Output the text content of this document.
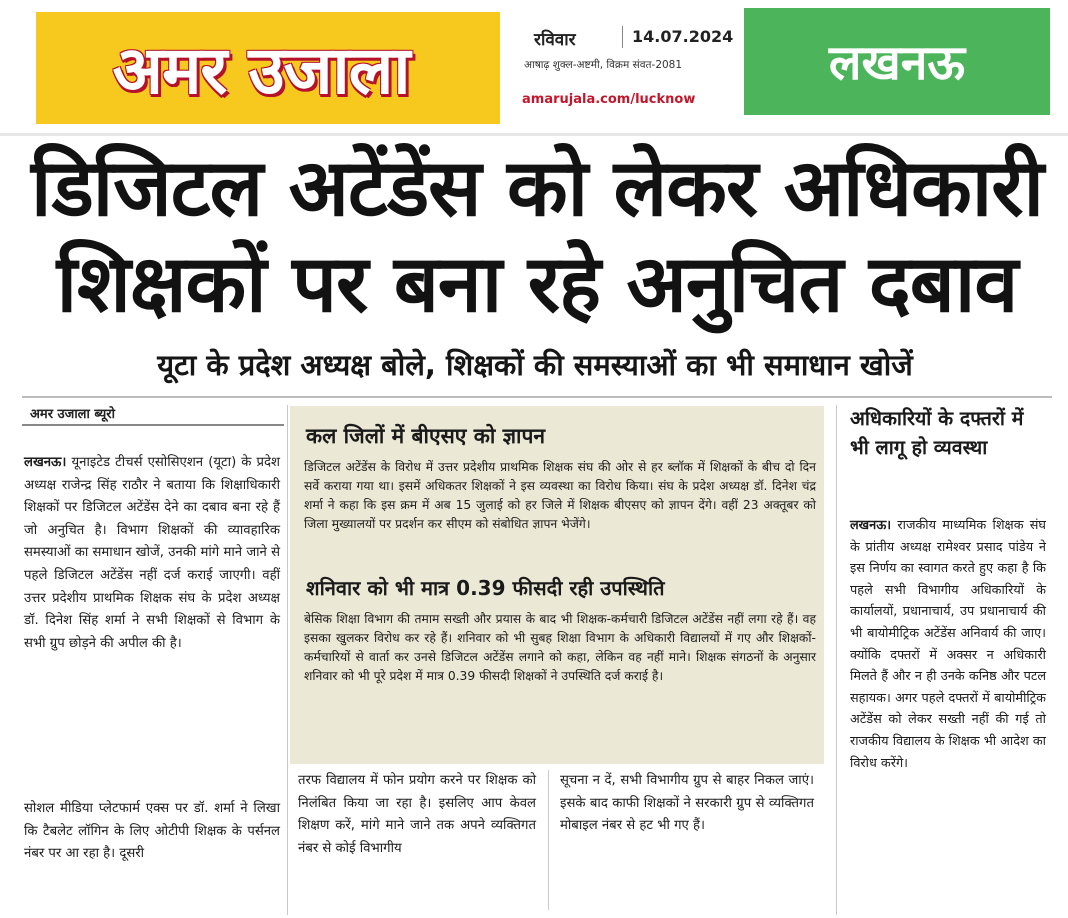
अमर उजाला	रविवार	14.07.2024
आषाढ़ शुक्ल-अष्टमी, विक्रम संवत-2081
amarujala.com/lucknow
लखनऊ
डिजिटल अटेंडेंस को लेकर अधिकारी
शिक्षकों पर बना रहे अनुचित दबाव
यूटा के प्रदेश अध्यक्ष बोले, शिक्षकों की समस्याओं का भी समाधान खोजें
अमर उजाला ब्यूरो

लखनऊ। यूनाइटेड टीचर्स एसोसिएशन (यूटा) के प्रदेश अध्यक्ष राजेन्द्र सिंह राठौर ने बताया कि शिक्षाधिकारी शिक्षकों पर डिजिटल अटेंडेंस देने का दबाव बना रहे हैं जो अनुचित है। विभाग शिक्षकों की व्यावहारिक समस्याओं का समाधान खोजें, उनकी मांगे माने जाने से पहले डिजिटल अटेंडेंस नहीं दर्ज कराई जाएगी। वहीं उत्तर प्रदेशीय प्राथमिक शिक्षक संघ के प्रदेश अध्यक्ष डॉ. दिनेश सिंह शर्मा ने सभी शिक्षकों से विभाग के सभी ग्रुप छोड़ने की अपील की है।

सोशल मीडिया प्लेटफार्म एक्स पर डॉ. शर्मा ने लिखा कि टैबलेट लॉगिन के लिए ओटीपी शिक्षक के पर्सनल नंबर पर आ रहा है। दूसरी
कल जिलों में बीएसए को ज्ञापन
डिजिटल अटेंडेंस के विरोध में उत्तर प्रदेशीय प्राथमिक शिक्षक संघ की ओर से हर ब्लॉक में शिक्षकों के बीच दो दिन सर्वे कराया गया था। इसमें अधिकतर शिक्षकों ने इस व्यवस्था का विरोध किया। संघ के प्रदेश अध्यक्ष डॉ. दिनेश चंद्र शर्मा ने कहा कि इस क्रम में अब 15 जुलाई को हर जिले में शिक्षक बीएसए को ज्ञापन देंगे। वहीं 23 अक्तूबर को जिला मुख्यालयों पर प्रदर्शन कर सीएम को संबोधित ज्ञापन भेजेंगे।
शनिवार को भी मात्र 0.39 फीसदी रही उपस्थिति
बेसिक शिक्षा विभाग की तमाम सख्ती और प्रयास के बाद भी शिक्षक-कर्मचारी डिजिटल अटेंडेंस नहीं लगा रहे हैं। वह इसका खुलकर विरोध कर रहे हैं। शनिवार को भी सुबह शिक्षा विभाग के अधिकारी विद्यालयों में गए और शिक्षकों-कर्मचारियों से वार्ता कर उनसे डिजिटल अटेंडेंस लगाने को कहा, लेकिन वह नहीं माने। शिक्षक संगठनों के अनुसार शनिवार को भी पूरे प्रदेश में मात्र 0.39 फीसदी शिक्षकों ने उपस्थिति दर्ज कराई है।
तरफ विद्यालय में फोन प्रयोग करने पर शिक्षक को निलंबित किया जा रहा है। इसलिए आप केवल शिक्षण करें, मांगे माने जाने तक अपने व्यक्तिगत नंबर से कोई विभागीय
सूचना न दें, सभी विभागीय ग्रुप से बाहर निकल जाएं। इसके बाद काफी शिक्षकों ने सरकारी ग्रुप से व्यक्तिगत मोबाइल नंबर से हट भी गए हैं।
अधिकारियों के दफ्तरों में भी लागू हो व्यवस्था
लखनऊ। राजकीय माध्यमिक शिक्षक संघ के प्रांतीय अध्यक्ष रामेश्वर प्रसाद पांडेय ने इस निर्णय का स्वागत करते हुए कहा है कि पहले सभी विभागीय अधिकारियों के कार्यालयों, प्रधानाचार्य, उप प्रधानाचार्य की भी बायोमीट्रिक अटेंडेंस अनिवार्य की जाए। क्योंकि दफ्तरों में अक्सर न अधिकारी मिलते हैं और न ही उनके कनिष्ठ और पटल सहायक। अगर पहले दफ्तरों में बायोमीट्रिक अटेंडेंस को लेकर सख्ती नहीं की गई तो राजकीय विद्यालय के शिक्षक भी आदेश का विरोध करेंगे।
